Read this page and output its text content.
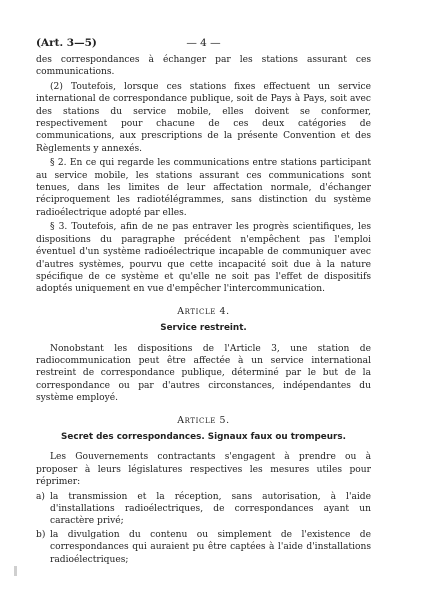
(Art. 3—5)	— 4 —

des correspondances à échanger par les stations assurant ces communications.

(2) Toutefois, lorsque ces stations fixes effectuent un service international de correspondance publique, soit de Pays à Pays, soit avec des stations du service mobile, elles doivent se conformer, respectivement pour chacune de ces deux catégories de communications, aux prescriptions de la présente Convention et des Règlements y annexés.

§ 2. En ce qui regarde les communications entre stations participant au service mobile, les stations assurant ces communications sont tenues, dans les limites de leur affectation normale, d'échanger réciproquement les radiotélégrammes, sans distinction du système radioélectrique adopté par elles.

§ 3. Toutefois, afin de ne pas entraver les progrès scientifiques, les dispositions du paragraphe précédent n'empêchent pas l'emploi éventuel d'un système radioélectrique incapable de communiquer avec d'autres systèmes, pourvu que cette incapacité soit due à la nature spécifique de ce système et qu'elle ne soit pas l'effet de dispositifs adoptés uniquement en vue d'empêcher l'intercommunication.

Article 4.
Service restreint.

Nonobstant les dispositions de l'Article 3, une station de radiocommunication peut être affectée à un service international restreint de correspondance publique, déterminé par le but de la correspondance ou par d'autres circonstances, indépendantes du système employé.

Article 5.
Secret des correspondances. Signaux faux ou trompeurs.

Les Gouvernements contractants s'engagent à prendre ou à proposer à leurs législatures respectives les mesures utiles pour réprimer:

a) la transmission et la réception, sans autorisation, à l'aide d'installations radioélectriques, de correspondances ayant un caractère privé;
b) la divulgation du contenu ou simplement de l'existence de correspondances qui auraient pu être captées à l'aide d'installations radioélectriques;
